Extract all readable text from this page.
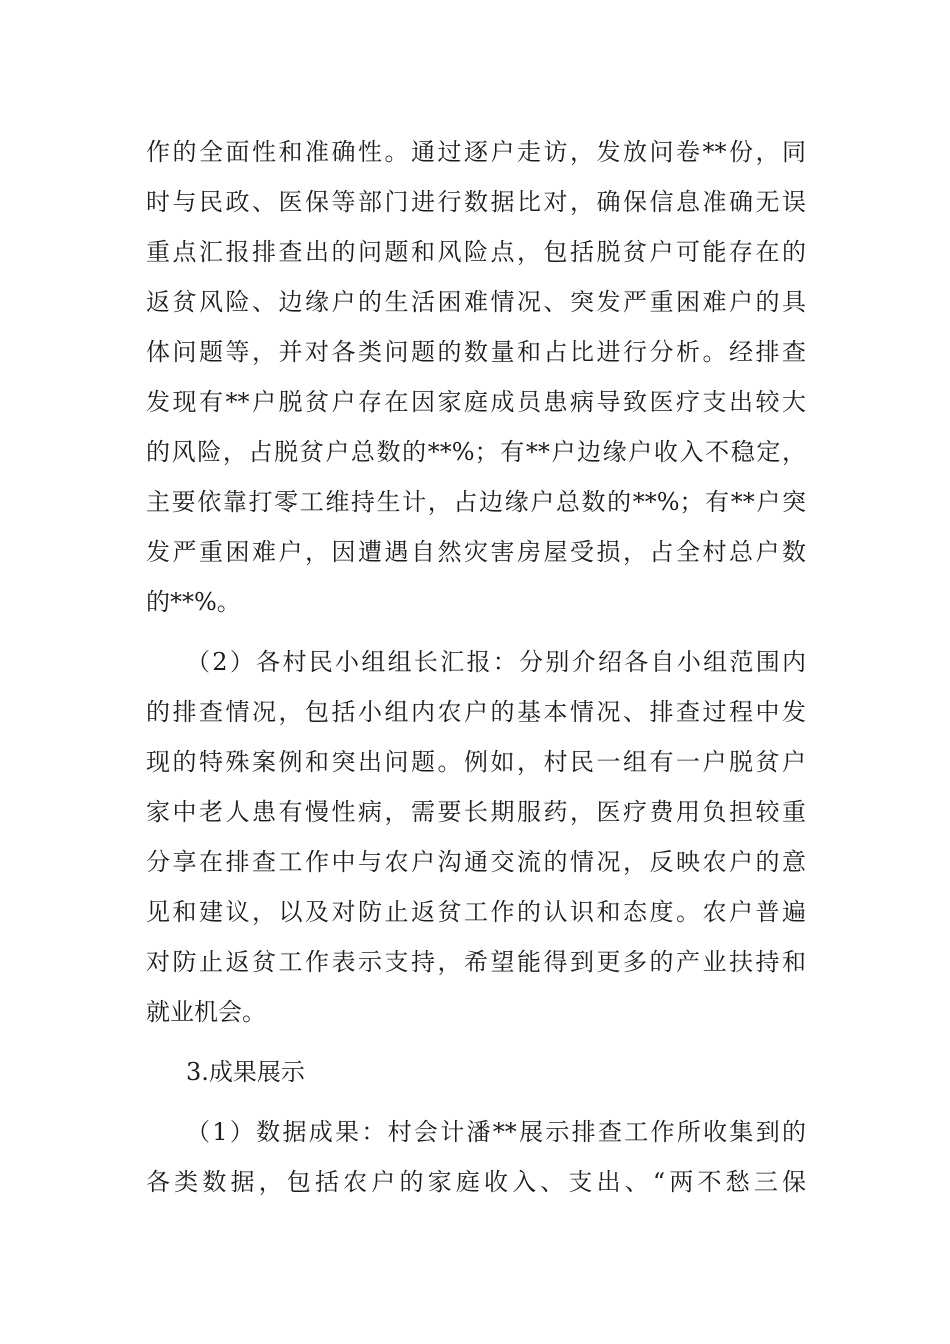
作的全面性和准确性。通过逐户走访，发放问卷**份，同
时与民政、医保等部门进行数据比对，确保信息准确无误
重点汇报排查出的问题和风险点，包括脱贫户可能存在的
返贫风险、边缘户的生活困难情况、突发严重困难户的具
体问题等，并对各类问题的数量和占比进行分析。经排查
发现有**户脱贫户存在因家庭成员患病导致医疗支出较大
的风险，占脱贫户总数的**%；有**户边缘户收入不稳定，
主要依靠打零工维持生计，占边缘户总数的**%；有**户突
发严重困难户，因遭遇自然灾害房屋受损，占全村总户数
的**%。
（2）各村民小组组长汇报：分别介绍各自小组范围内
的排查情况，包括小组内农户的基本情况、排查过程中发
现的特殊案例和突出问题。例如，村民一组有一户脱贫户
家中老人患有慢性病，需要长期服药，医疗费用负担较重
分享在排查工作中与农户沟通交流的情况，反映农户的意
见和建议，以及对防止返贫工作的认识和态度。农户普遍
对防止返贫工作表示支持，希望能得到更多的产业扶持和
就业机会。
3.成果展示
（1）数据成果：村会计潘**展示排查工作所收集到的
各类数据，包括农户的家庭收入、支出、“两不愁三保
